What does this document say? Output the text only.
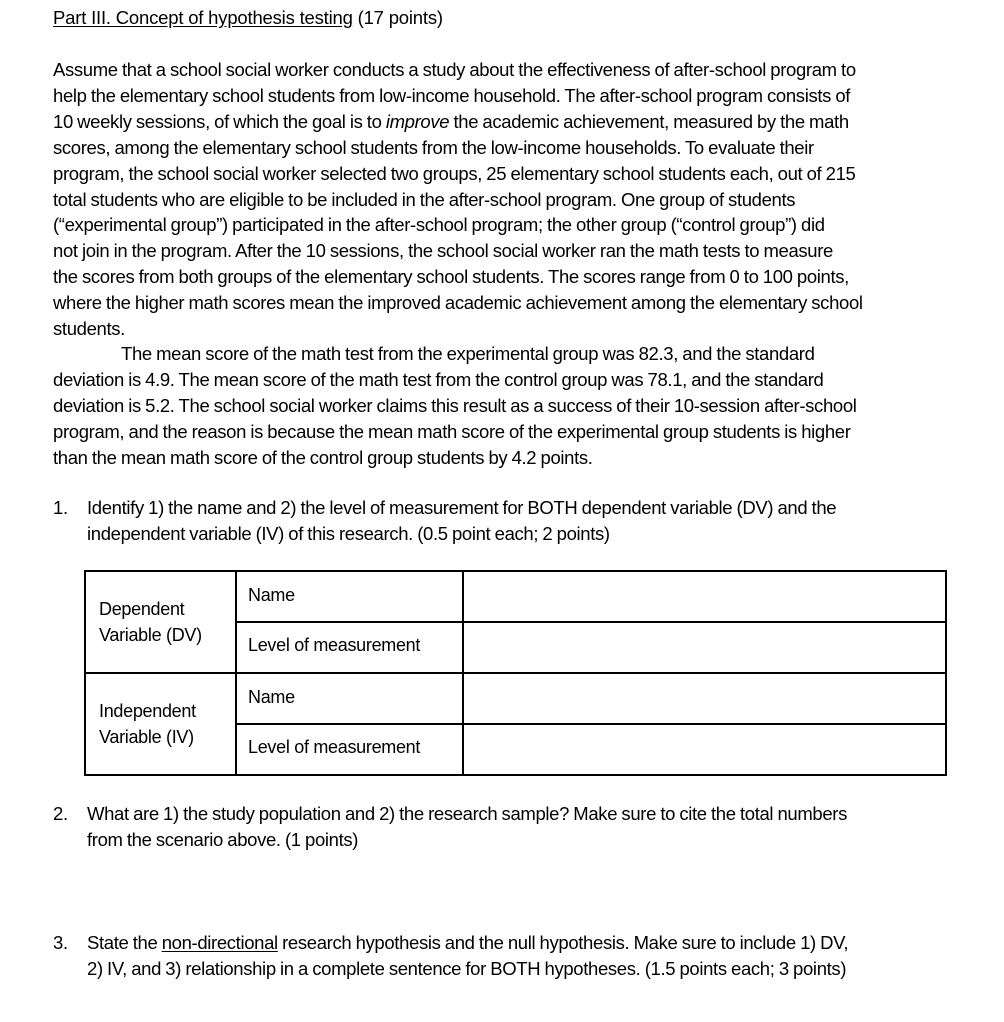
Part III. Concept of hypothesis testing (17 points)
Assume that a school social worker conducts a study about the effectiveness of after-school program to
help the elementary school students from low-income household. The after-school program consists of
10 weekly sessions, of which the goal is to improve the academic achievement, measured by the math
scores, among the elementary school students from the low-income households. To evaluate their
program, the school social worker selected two groups, 25 elementary school students each, out of 215
total students who are eligible to be included in the after-school program. One group of students
(“experimental group”) participated in the after-school program; the other group (“control group”) did
not join in the program. After the 10 sessions, the school social worker ran the math tests to measure
the scores from both groups of the elementary school students. The scores range from 0 to 100 points,
where the higher math scores mean the improved academic achievement among the elementary school
students.
The mean score of the math test from the experimental group was 82.3, and the standard
deviation is 4.9. The mean score of the math test from the control group was 78.1, and the standard
deviation is 5.2. The school social worker claims this result as a success of their 10-session after-school
program, and the reason is because the mean math score of the experimental group students is higher
than the mean math score of the control group students by 4.2 points.
1. Identify 1) the name and 2) the level of measurement for BOTH dependent variable (DV) and the
independent variable (IV) of this research. (0.5 point each; 2 points)
Dependent
Variable (DV)	Name	
	Level of measurement	

Independent
Variable (IV)	Name	
	Level of measurement	
2. What are 1) the study population and 2) the research sample? Make sure to cite the total numbers
from the scenario above. (1 points)
3. State the non-directional research hypothesis and the null hypothesis. Make sure to include 1) DV,
2) IV, and 3) relationship in a complete sentence for BOTH hypotheses. (1.5 points each; 3 points)
